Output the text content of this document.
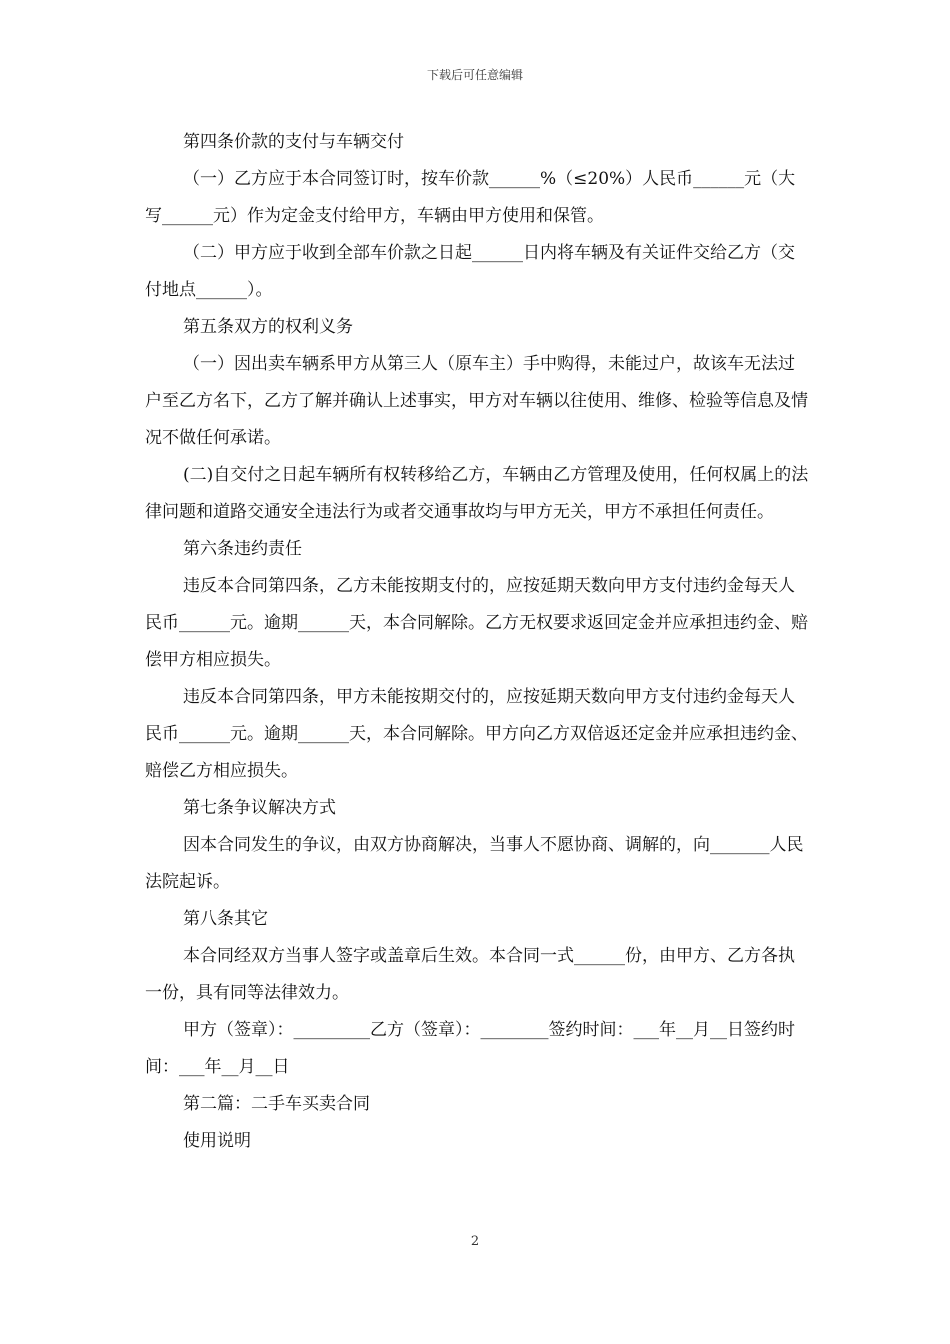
下载后可任意编辑

第四条价款的支付与车辆交付

（一）乙方应于本合同签订时，按车价款______%（≤20%）人民币______元（大写______元）作为定金支付给甲方，车辆由甲方使用和保管。

（二）甲方应于收到全部车价款之日起______日内将车辆及有关证件交给乙方（交付地点______）。

第五条双方的权利义务

（一）因出卖车辆系甲方从第三人（原车主）手中购得，未能过户，故该车无法过户至乙方名下，乙方了解并确认上述事实，甲方对车辆以往使用、维修、检验等信息及情况不做任何承诺。

(二)自交付之日起车辆所有权转移给乙方，车辆由乙方管理及使用，任何权属上的法律问题和道路交通安全违法行为或者交通事故均与甲方无关，甲方不承担任何责任。

第六条违约责任

违反本合同第四条，乙方未能按期支付的，应按延期天数向甲方支付违约金每天人民币______元。逾期______天，本合同解除。乙方无权要求返回定金并应承担违约金、赔偿甲方相应损失。

违反本合同第四条，甲方未能按期交付的，应按延期天数向甲方支付违约金每天人民币______元。逾期______天，本合同解除。甲方向乙方双倍返还定金并应承担违约金、赔偿乙方相应损失。

第七条争议解决方式

因本合同发生的争议，由双方协商解决，当事人不愿协商、调解的，向_______人民法院起诉。

第八条其它

本合同经双方当事人签字或盖章后生效。本合同一式______份，由甲方、乙方各执一份，具有同等法律效力。

甲方（签章）：_________乙方（签章）：________签约时间：___年__月__日签约时间：___年__月__日

第二篇：二手车买卖合同

使用说明

2
